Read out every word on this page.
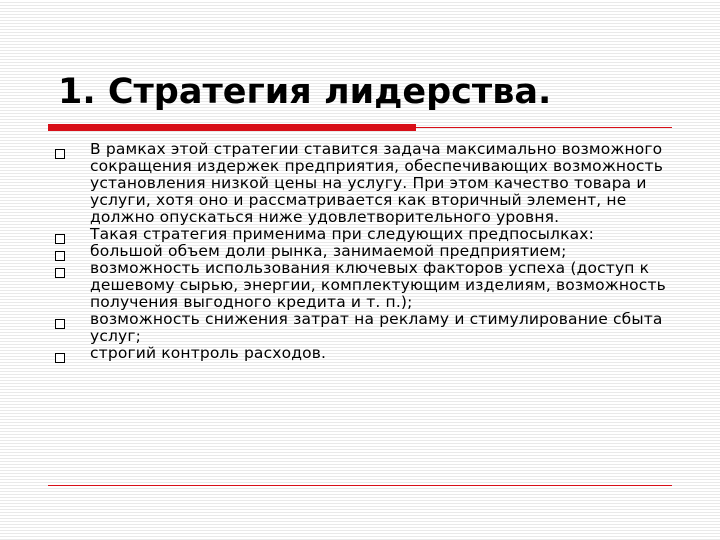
1. Стратегия лидерства.
В рамках этой стратегии ставится задача максимально возможного сокращения издержек предприятия, обеспечивающих возможность установления низкой цены на услугу. При этом качество товара и услуги, хотя оно и рассматривается как вторичный элемент, не должно опускаться ниже удовлетворительного уровня.
Такая стратегия применима при следующих предпосылках:
большой объем доли рынка, занимаемой предприятием;
возможность использования ключевых факторов успеха (доступ к дешевому сырью, энергии, комплектующим изделиям, возможность получения выгодного кредита и т. п.);
возможность снижения затрат на рекламу и стимулирование сбыта услуг;
строгий контроль расходов.
